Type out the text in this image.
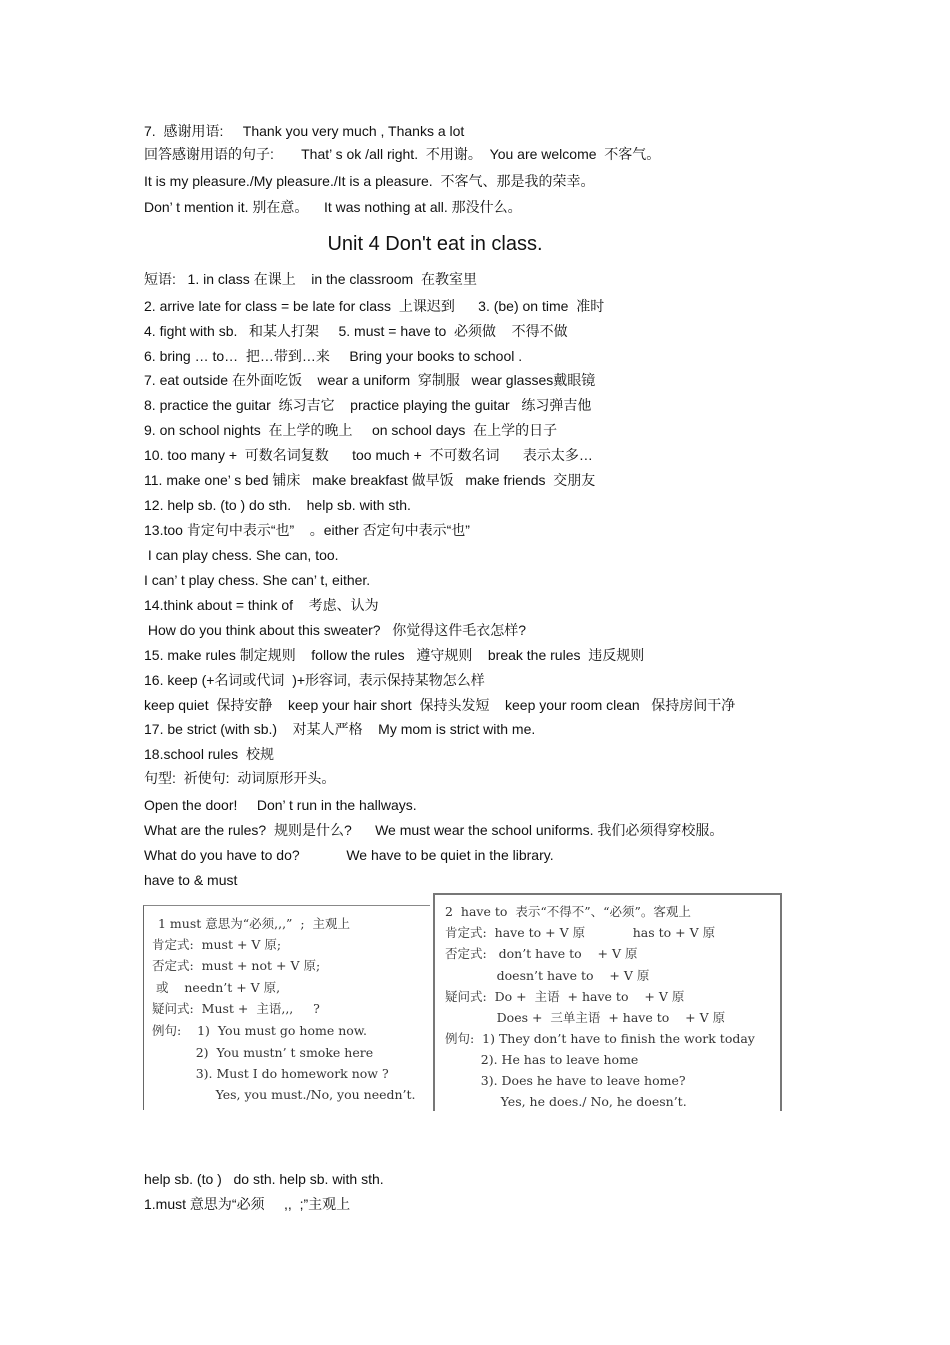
7.  感谢用语:     Thank you very much , Thanks a lot
回答感谢用语的句子:       That’ s ok /all right.  不用谢。  You are welcome  不客气。
It is my pleasure./My pleasure./It is a pleasure.  不客气、那是我的荣幸。
Don’ t mention it. 别在意。    It was nothing at all. 那没什么。
Unit 4 Don't eat in class.
短语:   1. in class 在课上    in the classroom  在教室里
2. arrive late for class = be late for class  上课迟到      3. (be) on time  准时
4. fight with sb.   和某人打架     5. must = have to  必须做    不得不做
6. bring … to…  把…带到…来     Bring your books to school .
7. eat outside 在外面吃饭    wear a uniform  穿制服   wear glasses戴眼镜
8. practice the guitar  练习吉它    practice playing the guitar   练习弹吉他
9. on school nights  在上学的晚上     on school days  在上学的日子
10. too many +  可数名词复数      too much +  不可数名词      表示太多…
11. make one’ s bed 铺床   make breakfast 做早饭   make friends  交朋友
12. help sb. (to ) do sth.    help sb. with sth.
13.too 肯定句中表示“也”    。either 否定句中表示“也”
I can play chess. She can, too.
I can’ t play chess. She can’ t, either.
14.think about = think of    考虑、认为
How do you think about this sweater?   你觉得这件毛衣怎样?
15. make rules 制定规则    follow the rules   遵守规则    break the rules  违反规则
16. keep (+名词或代词  )+形容词,  表示保持某物怎么样
keep quiet  保持安静    keep your hair short  保持头发短    keep your room clean   保持房间干净
17. be strict (with sb.)    对某人严格    My mom is strict with me.
18.school rules  校规
句型:  祈使句:  动词原形开头。
Open the door!     Don’ t run in the hallways.
What are the rules?  规则是什么?      We must wear the school uniforms. 我们必须得穿校服。
What do you have to do?            We have to be quiet in the library.
have to & must
1 must 意思为“必须,,,”  ;  主观上
肯定式:  must + V 原;
否定式:  must + not + V 原;
或    needn’t + V 原,
疑问式:  Must +  主语,,,     ?
例句:    1)  You must go home now.
2)  You mustn’ t smoke here
3). Must I do homework now ?
Yes, you must./No, you needn’t.
2  have to  表示“不得不”、“必须”。客观上
肯定式:  have to + V 原            has to + V 原
否定式:   don’t have to    + V 原
doesn’t have to    + V 原
疑问式:  Do +  主语  + have to    + V 原
Does +  三单主语  + have to    + V 原
例句:  1) They don’t have to finish the work today
2). He has to leave home
3). Does he have to leave home?
Yes, he does./ No, he doesn’t.
help sb. (to )   do sth. help sb. with sth.
1.must 意思为“必须     ,,  ;”主观上
